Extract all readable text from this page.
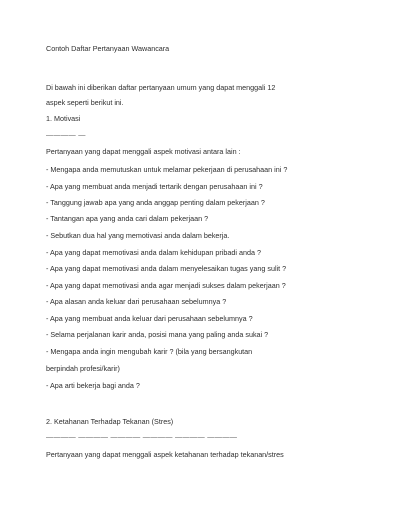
Contoh Daftar Pertanyaan Wawancara
Di bawah ini diberikan daftar pertanyaan umum yang dapat menggali 12
aspek seperti berikut ini.
1. Motivasi
———— —
Pertanyaan yang dapat menggali aspek motivasi antara lain :
- Mengapa anda memutuskan untuk melamar pekerjaan di perusahaan ini ?
- Apa yang membuat anda menjadi tertarik dengan perusahaan ini ?
- Tanggung jawab apa yang anda anggap penting dalam pekerjaan ?
- Tantangan apa yang anda cari dalam pekerjaan ?
- Sebutkan dua hal yang memotivasi anda dalam bekerja.
- Apa yang dapat memotivasi anda dalam kehidupan pribadi anda ?
- Apa yang dapat memotivasi anda dalam menyelesaikan tugas yang sulit ?
- Apa yang dapat memotivasi anda agar menjadi sukses dalam pekerjaan ?
- Apa alasan anda keluar dari perusahaan sebelumnya ?
- Apa yang membuat anda keluar dari perusahaan sebelumnya ?
- Selama perjalanan karir anda, posisi mana yang paling anda sukai ?
- Mengapa anda ingin mengubah karir ? (bila yang bersangkutan
berpindah profesi/karir)
- Apa arti bekerja bagi anda ?
2. Ketahanan Terhadap Tekanan (Stres)
———— ———— ———— ———— ———— ————
Pertanyaan yang dapat menggali aspek ketahanan terhadap tekanan/stres
